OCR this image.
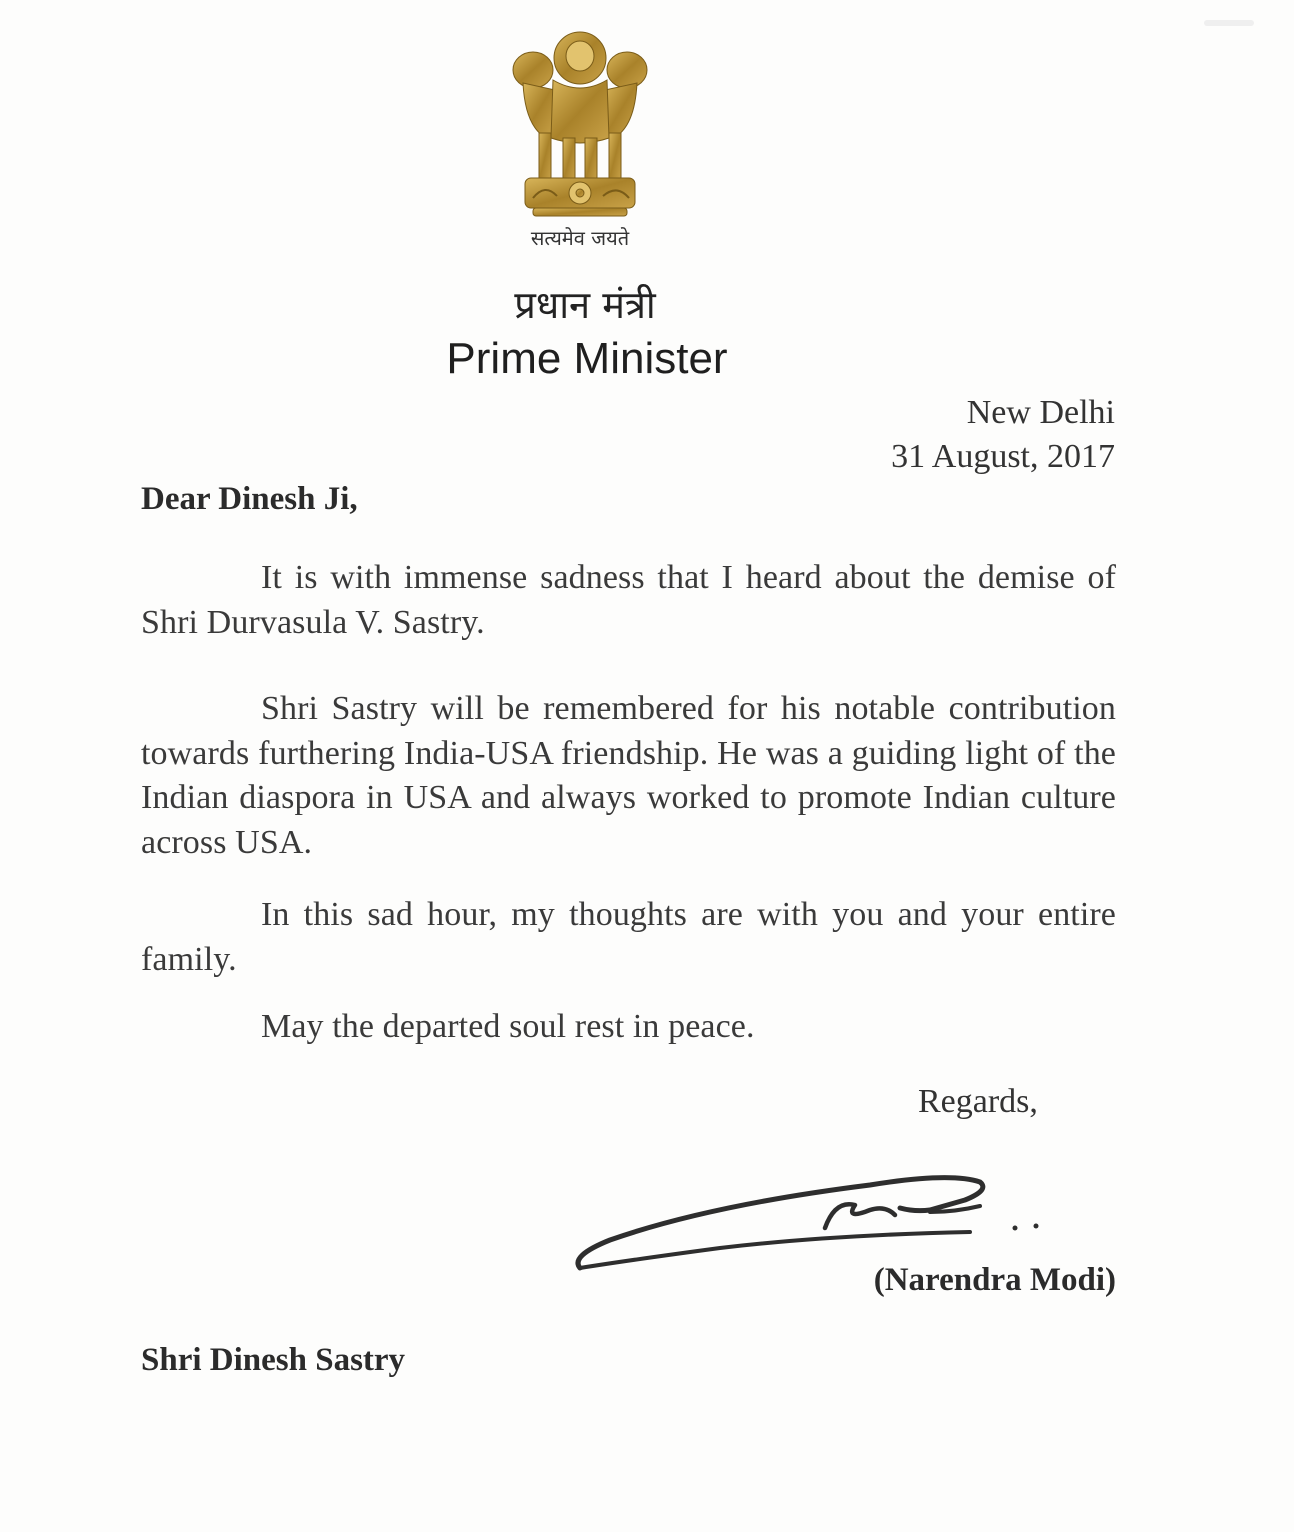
सत्यमेव जयते
प्रधान मंत्री
Prime Minister
New Delhi
31 August, 2017
Dear Dinesh Ji,
It is with immense sadness that I heard about the demise of Shri Durvasula V. Sastry.
Shri Sastry will be remembered for his notable contribution towards furthering India-USA friendship. He was a guiding light of the Indian diaspora in USA and always worked to promote Indian culture across USA.
In this sad hour, my thoughts are with you and your entire family.
May the departed soul rest in peace.
Regards,
(Narendra Modi)
Shri Dinesh Sastry
